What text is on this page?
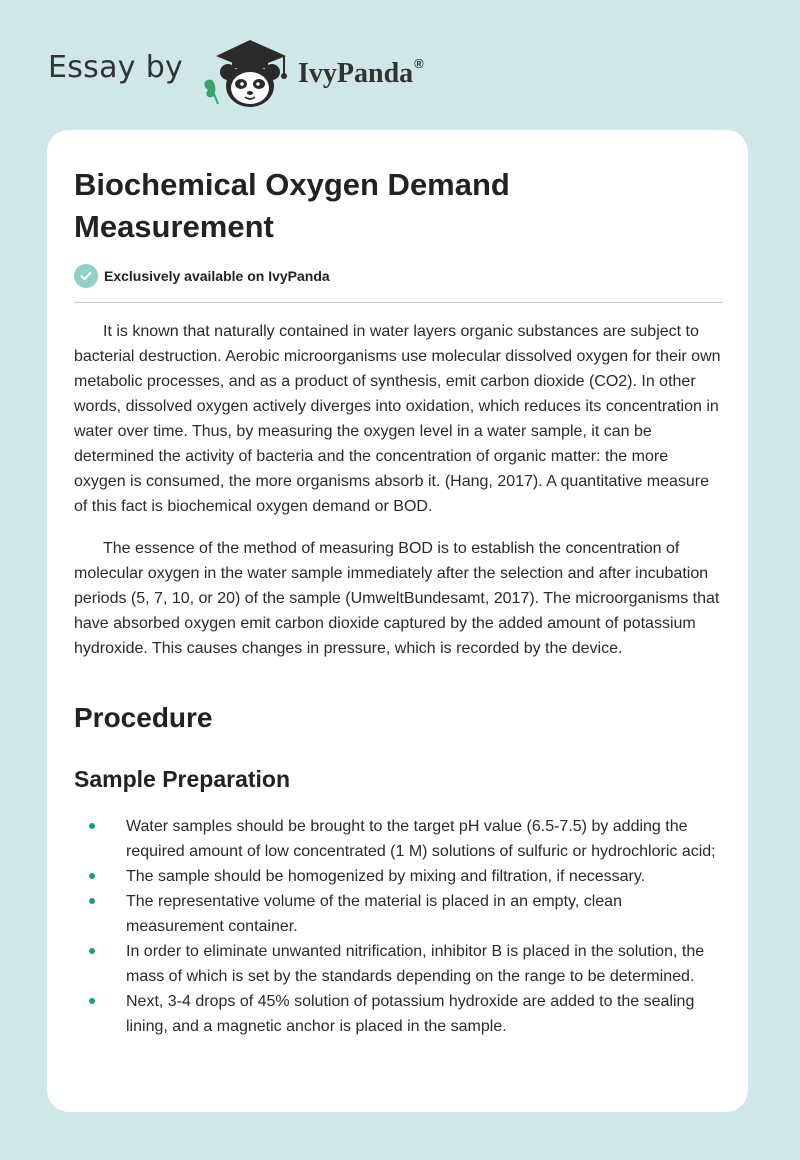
Essay by	IvyPanda®
Biochemical Oxygen Demand Measurement
Exclusively available on IvyPanda

It is known that naturally contained in water layers organic substances are subject to bacterial destruction. Aerobic microorganisms use molecular dissolved oxygen for their own metabolic processes, and as a product of synthesis, emit carbon dioxide (CO2). In other words, dissolved oxygen actively diverges into oxidation, which reduces its concentration in water over time. Thus, by measuring the oxygen level in a water sample, it can be determined the activity of bacteria and the concentration of organic matter: the more oxygen is consumed, the more organisms absorb it. (Hang, 2017). A quantitative measure of this fact is biochemical oxygen demand or BOD.

The essence of the method of measuring BOD is to establish the concentration of molecular oxygen in the water sample immediately after the selection and after incubation periods (5, 7, 10, or 20) of the sample (UmweltBundesamt, 2017). The microorganisms that have absorbed oxygen emit carbon dioxide captured by the added amount of potassium hydroxide. This causes changes in pressure, which is recorded by the device.

Procedure
Sample Preparation
Water samples should be brought to the target pH value (6.5-7.5) by adding the required amount of low concentrated (1 M) solutions of sulfuric or hydrochloric acid;
The sample should be homogenized by mixing and filtration, if necessary.
The representative volume of the material is placed in an empty, clean measurement container.
In order to eliminate unwanted nitrification, inhibitor B is placed in the solution, the mass of which is set by the standards depending on the range to be determined.
Next, 3-4 drops of 45% solution of potassium hydroxide are added to the sealing lining, and a magnetic anchor is placed in the sample.
